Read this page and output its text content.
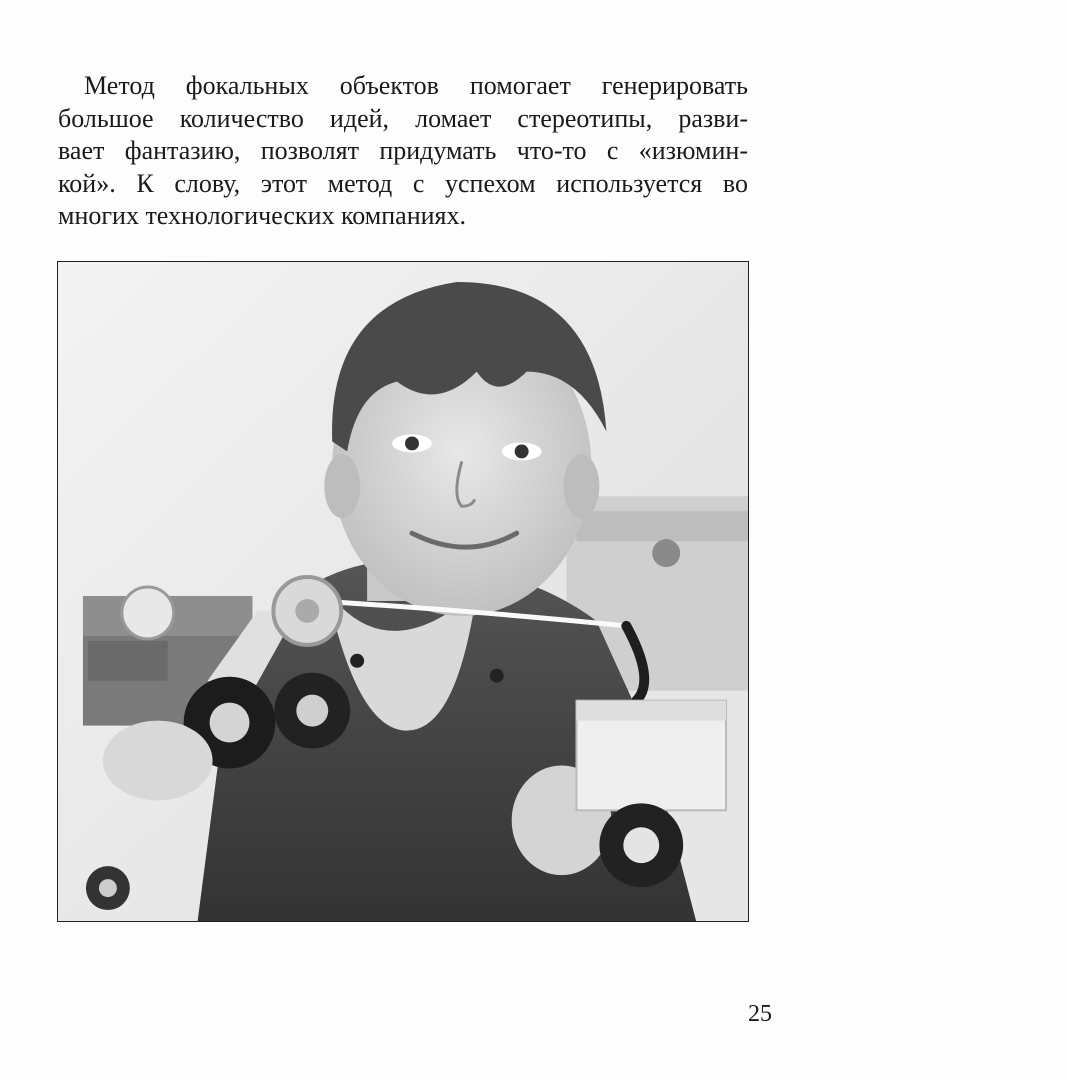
Метод фокальных объектов помогает генерировать
большое количество идей, ломает стереотипы, разви-
вает фантазию, позволят придумать что-то с «изюмин-
кой». К слову, этот метод с успехом используется во
многих технологических компаниях.

25
